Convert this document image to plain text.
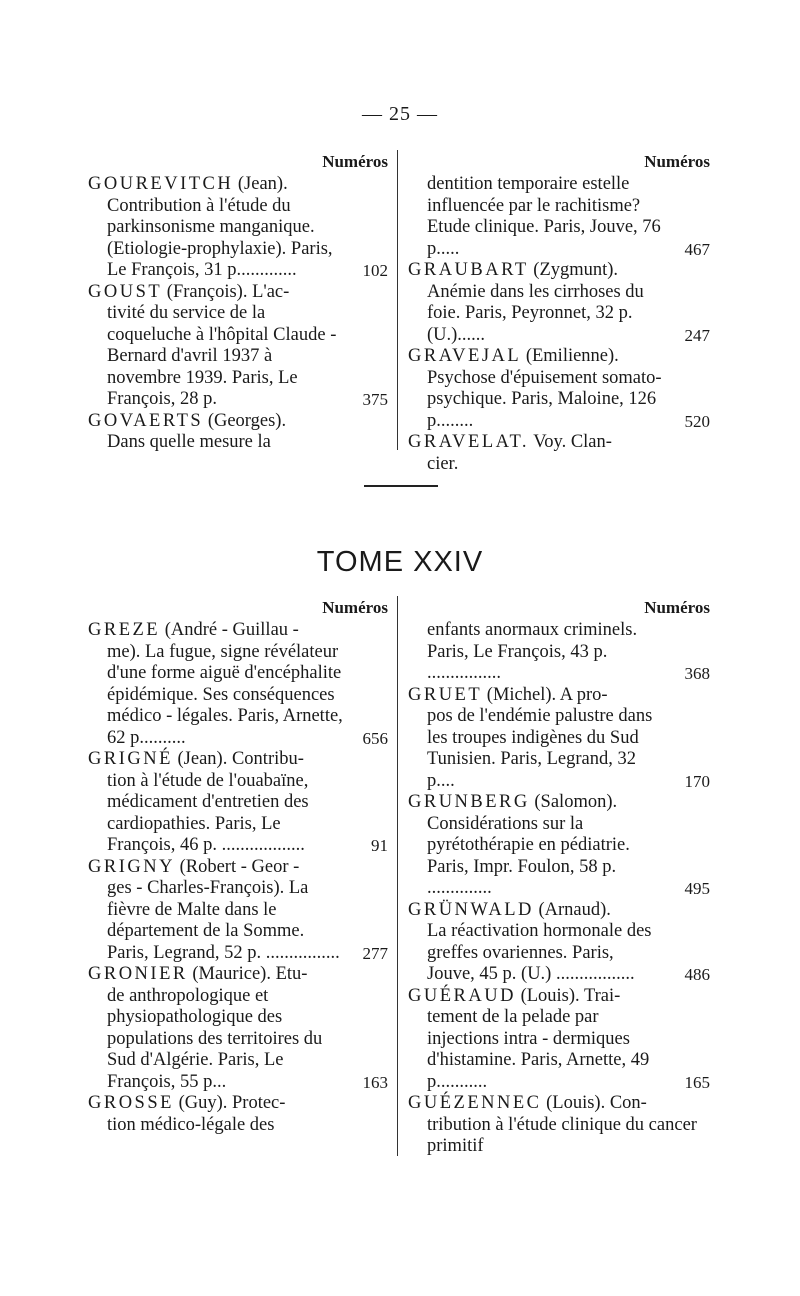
— 25 —
Numéros

GOUREVITCH (Jean).
Contribution à l'étude du parkinsonisme manganique. (Etiologie-prophylaxie). Paris, Le François, 31 p.............	102

GOUST (François). L'ac-
tivité du service de la coqueluche à l'hôpital Claude - Bernard d'avril 1937 à novembre 1939. Paris, Le François, 28 p.	375

GOVAERTS (Georges).
Dans quelle mesure la

Numéros

dentition temporaire estelle influencée par le rachitisme? Etude clinique. Paris, Jouve, 76 p.....	467

GRAUBART (Zygmunt).
Anémie dans les cirrhoses du foie. Paris, Peyronnet, 32 p. (U.)......	247

GRAVEJAL (Emilienne).
Psychose d'épuisement somato-psychique. Paris, Maloine, 126 p........	520

GRAVELAT. Voy. Clan-
cier.

TOME XXIV
Numéros

GREZE (André - Guillau -
me). La fugue, signe révélateur d'une forme aiguë d'encéphalite épidémique. Ses conséquences médico - légales. Paris, Arnette, 62 p..........	656

GRIGNÉ (Jean). Contribu-
tion à l'étude de l'ouabaïne, médicament d'entretien des cardiopathies. Paris, Le François, 46 p. ..................	91

GRIGNY (Robert - Geor -
ges - Charles-François). La fièvre de Malte dans le département de la Somme. Paris, Legrand, 52 p. ................	277

GRONIER (Maurice). Etu-
de anthropologique et physiopathologique des populations des territoires du Sud d'Algérie. Paris, Le François, 55 p...	163

GROSSE (Guy). Protec-
tion médico-légale des

Numéros

enfants anormaux criminels. Paris, Le François, 43 p. ................	368

GRUET (Michel). A pro-
pos de l'endémie palustre dans les troupes indigènes du Sud Tunisien. Paris, Legrand, 32 p....	170

GRUNBERG (Salomon).
Considérations sur la pyrétothérapie en pédiatrie. Paris, Impr. Foulon, 58 p. ..............	495

GRÜNWALD (Arnaud).
La réactivation hormonale des greffes ovariennes. Paris, Jouve, 45 p. (U.) .................	486

GUÉRAUD (Louis). Trai-
tement de la pelade par injections intra - dermiques d'histamine. Paris, Arnette, 49 p...........	165

GUÉZENNEC (Louis). Con-
tribution à l'étude clinique du cancer primitif
